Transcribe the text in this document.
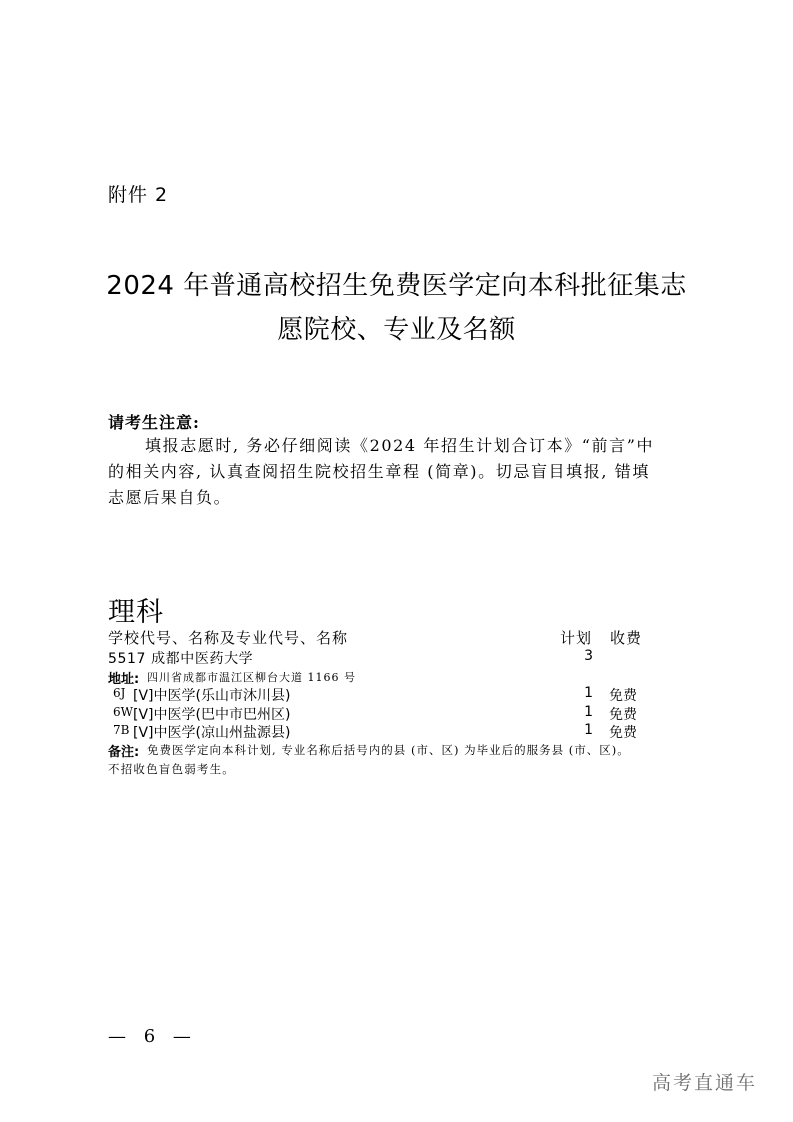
附件 2
2024 年普通高校招生免费医学定向本科批征集志
愿院校、专业及名额
请考生注意:
填报志愿时, 务必仔细阅读《2024 年招生计划合订本》“前言”中
的相关内容, 认真查阅招生院校招生章程 (简章)。切忌盲目填报, 错填
志愿后果自负。
理科
学校代号、名称及专业代号、名称	计划 收费
5517 成都中医药大学	3
地址: 四川省成都市温江区柳台大道 1166 号
6J [V]中医学(乐山市沐川县)	1 免费
6W [V]中医学(巴中市巴州区)	1 免费
7B [V]中医学(凉山州盐源县)	1 免费
备注: 免费医学定向本科计划, 专业名称后括号内的县 (市、区) 为毕业后的服务县 (市、区)。
不招收色盲色弱考生。
— 6 —
高考直通车
